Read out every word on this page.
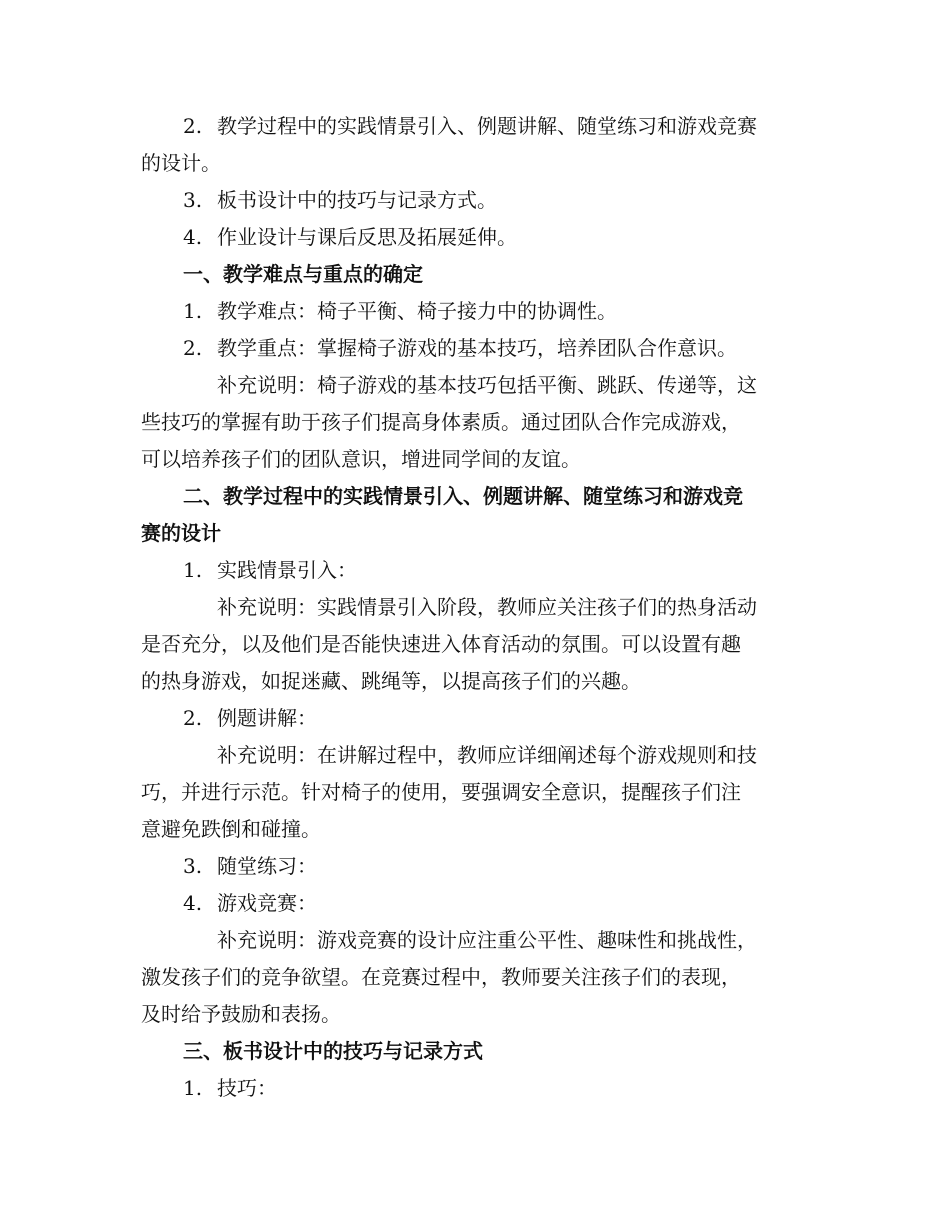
2. 教学过程中的实践情景引入、例题讲解、随堂练习和游戏竞赛
的设计。
3. 板书设计中的技巧与记录方式。
4. 作业设计与课后反思及拓展延伸。
一、教学难点与重点的确定
1. 教学难点：椅子平衡、椅子接力中的协调性。
2. 教学重点：掌握椅子游戏的基本技巧，培养团队合作意识。
补充说明：椅子游戏的基本技巧包括平衡、跳跃、传递等，这
些技巧的掌握有助于孩子们提高身体素质。通过团队合作完成游戏，
可以培养孩子们的团队意识，增进同学间的友谊。
二、教学过程中的实践情景引入、例题讲解、随堂练习和游戏竞
赛的设计
1. 实践情景引入：
补充说明：实践情景引入阶段，教师应关注孩子们的热身活动
是否充分，以及他们是否能快速进入体育活动的氛围。可以设置有趣
的热身游戏，如捉迷藏、跳绳等，以提高孩子们的兴趣。
2. 例题讲解：
补充说明：在讲解过程中，教师应详细阐述每个游戏规则和技
巧，并进行示范。针对椅子的使用，要强调安全意识，提醒孩子们注
意避免跌倒和碰撞。
3. 随堂练习：
4. 游戏竞赛：
补充说明：游戏竞赛的设计应注重公平性、趣味性和挑战性，
激发孩子们的竞争欲望。在竞赛过程中，教师要关注孩子们的表现，
及时给予鼓励和表扬。
三、板书设计中的技巧与记录方式
1. 技巧：
